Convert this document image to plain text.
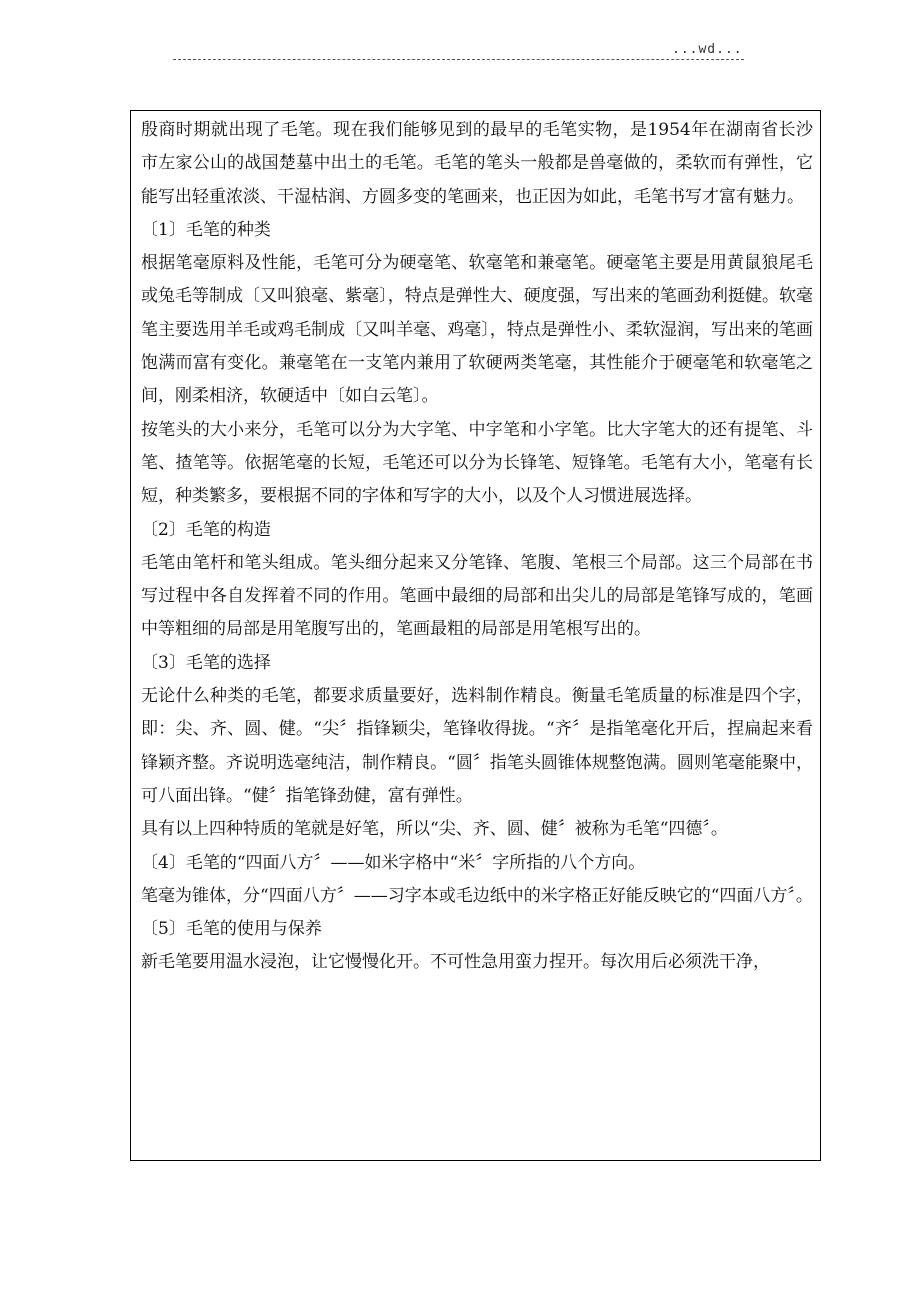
...wd...

殷商时期就出现了毛笔。现在我们能够见到的最早的毛笔实物，是1954年在湖南省长沙市左家公山的战国楚墓中出土的毛笔。毛笔的笔头一般都是兽毫做的，柔软而有弹性，它能写出轻重浓淡、干湿枯润、方圆多变的笔画来，也正因为如此，毛笔书写才富有魅力。

〔1〕毛笔的种类

根据笔毫原料及性能，毛笔可分为硬毫笔、软毫笔和兼毫笔。硬毫笔主要是用黄鼠狼尾毛或兔毛等制成〔又叫狼毫、紫毫〕，特点是弹性大、硬度强，写出来的笔画劲利挺健。软毫笔主要选用羊毛或鸡毛制成〔又叫羊毫、鸡毫〕，特点是弹性小、柔软湿润，写出来的笔画饱满而富有变化。兼毫笔在一支笔内兼用了软硬两类笔毫，其性能介于硬毫笔和软毫笔之间，刚柔相济，软硬适中〔如白云笔〕。

按笔头的大小来分，毛笔可以分为大字笔、中字笔和小字笔。比大字笔大的还有提笔、斗笔、揸笔等。依据笔毫的长短，毛笔还可以分为长锋笔、短锋笔。毛笔有大小，笔毫有长短，种类繁多，要根据不同的字体和写字的大小，以及个人习惯进展选择。

〔2〕毛笔的构造

毛笔由笔杆和笔头组成。笔头细分起来又分笔锋、笔腹、笔根三个局部。这三个局部在书写过程中各自发挥着不同的作用。笔画中最细的局部和出尖儿的局部是笔锋写成的，笔画中等粗细的局部是用笔腹写出的，笔画最粗的局部是用笔根写出的。

〔3〕毛笔的选择

无论什么种类的毛笔，都要求质量要好，选料制作精良。衡量毛笔质量的标准是四个字，即：尖、齐、圆、健。“尖〞指锋颖尖，笔锋收得拢。“齐〞是指笔毫化开后，捏扁起来看锋颖齐整。齐说明选毫纯洁，制作精良。“圆〞指笔头圆锥体规整饱满。圆则笔毫能聚中，可八面出锋。“健〞指笔锋劲健，富有弹性。

具有以上四种特质的笔就是好笔，所以“尖、齐、圆、健〞被称为毛笔“四德〞。

〔4〕毛笔的“四面八方〞——如米字格中“米〞字所指的八个方向。

笔毫为锥体，分“四面八方〞——习字本或毛边纸中的米字格正好能反映它的“四面八方〞。

〔5〕毛笔的使用与保养

新毛笔要用温水浸泡，让它慢慢化开。不可性急用蛮力捏开。每次用后必须洗干净，
